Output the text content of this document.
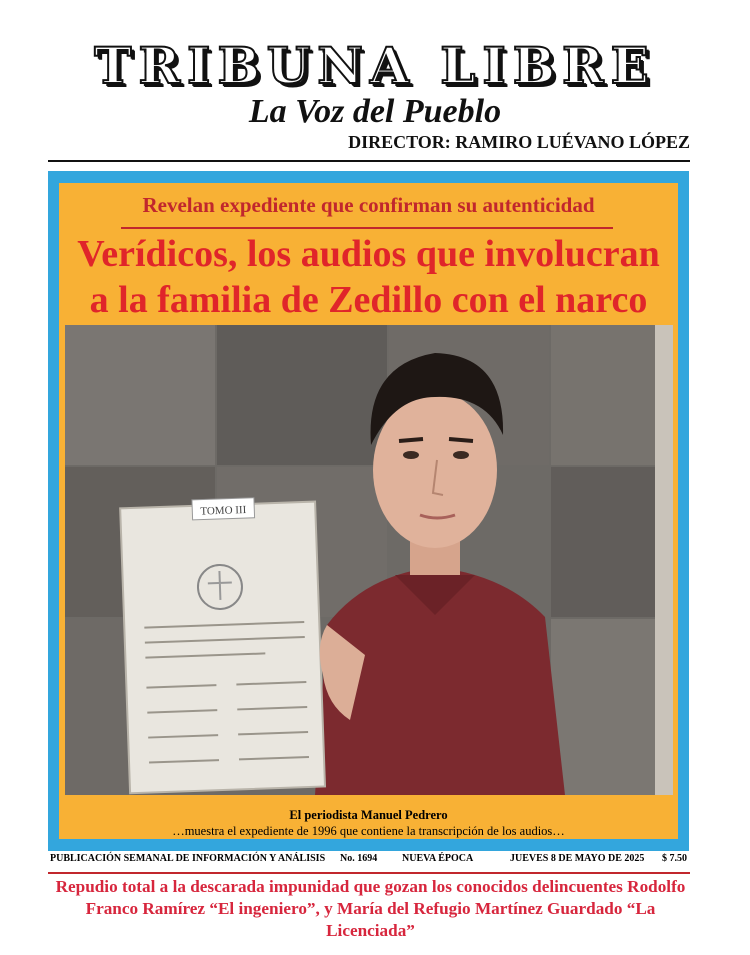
TRIBUNA LIBRE
La Voz del Pueblo
DIRECTOR: RAMIRO LUÉVANO LÓPEZ
Revelan expediente que confirman su autenticidad
Verídicos, los audios que involucran
a la familia de Zedillo con el narco
TOMO III
El periodista Manuel Pedrero
…muestra el expediente de 1996 que contiene la transcripción de los audios…
PUBLICACIÓN SEMANAL DE INFORMACIÓN Y ANÁLISIS No. 1694 NUEVA ÉPOCA	JUEVES 8 DE MAYO DE 2025 $ 7.50
Repudio total a la descarada impunidad que gozan los conocidos delincuentes Rodolfo
Franco Ramírez “El ingeniero”, y María del Refugio Martínez Guardado “La Licenciada”
